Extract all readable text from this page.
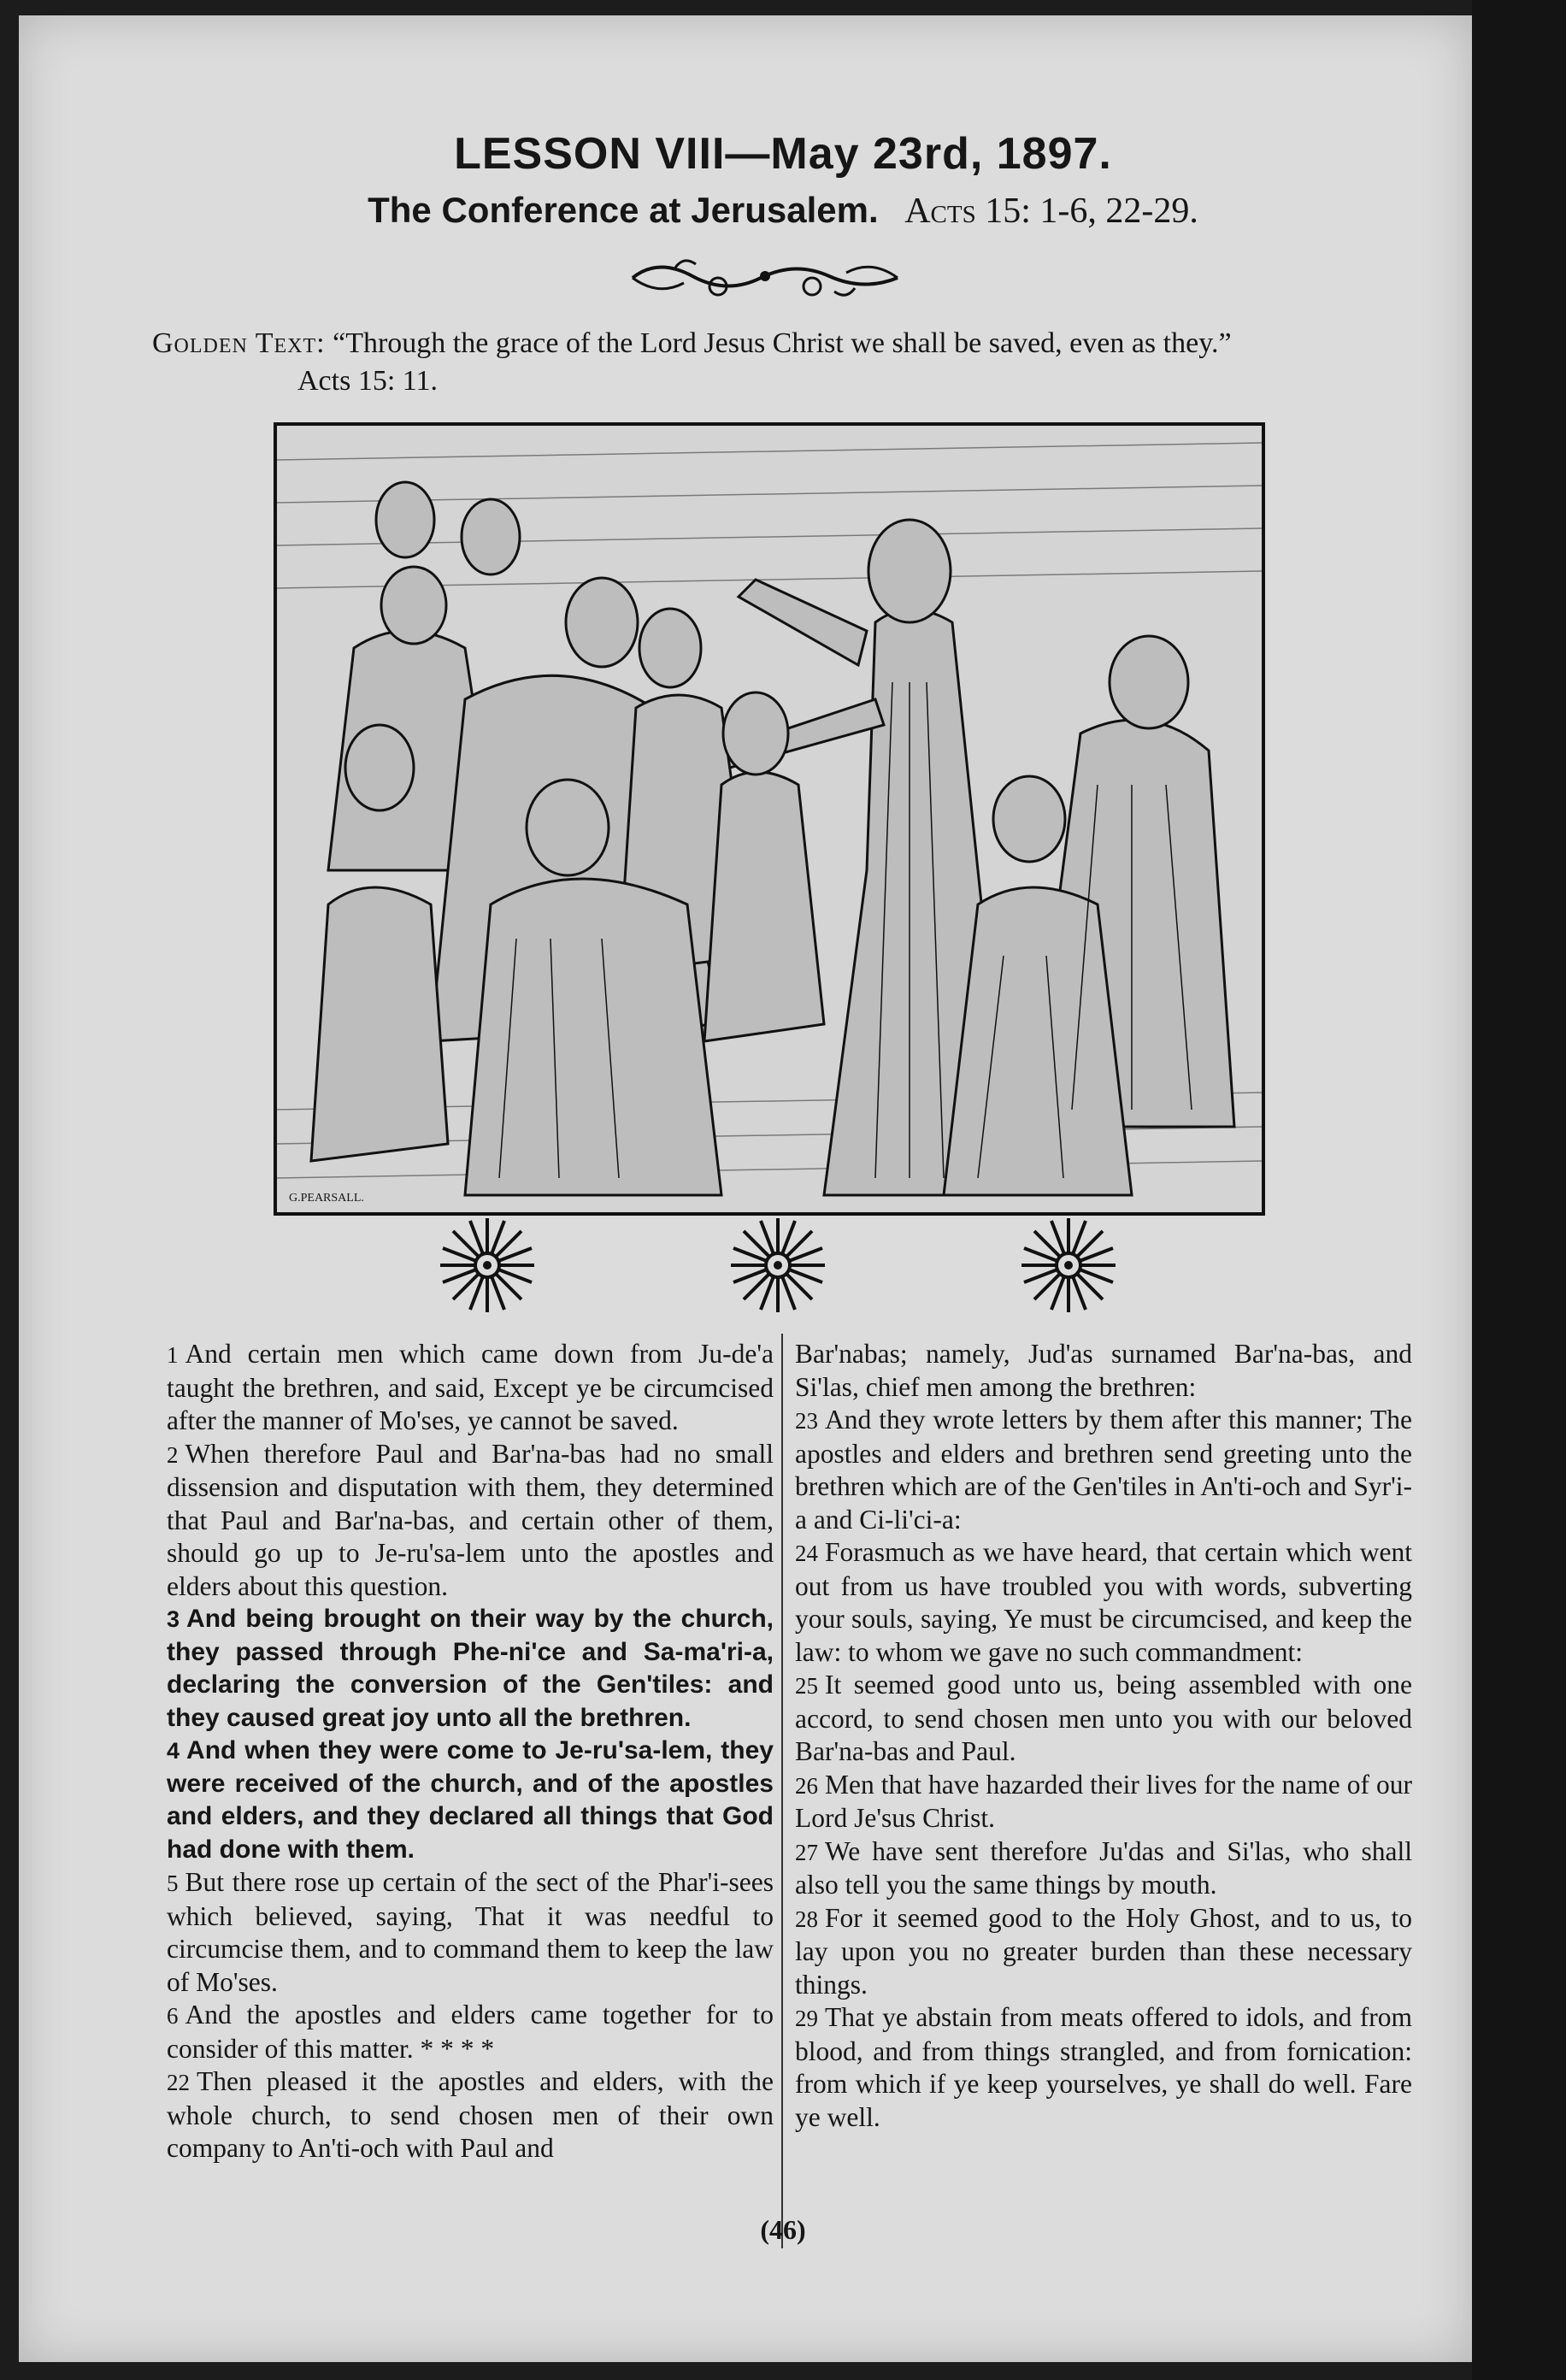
LESSON VIII—May 23rd, 1897.
The Conference at Jerusalem. Acts 15: 1-6, 22-29.
Golden Text: “Through the grace of the Lord Jesus Christ we shall be saved, even as they.”
Acts 15: 11.
G.PEARSALL.

1 And certain men which came down from Ju-de'a taught the brethren, and said, Except ye be circumcised after the manner of Mo'ses, ye cannot be saved.

2 When therefore Paul and Bar'na-bas had no small dissension and disputation with them, they determined that Paul and Bar'na-bas, and certain other of them, should go up to Je-ru'sa-lem unto the apostles and elders about this question.

3 And being brought on their way by the church, they passed through Phe-ni'ce and Sa-ma'ri-a, declaring the conversion of the Gen'tiles: and they caused great joy unto all the brethren.

4 And when they were come to Je-ru'sa-lem, they were received of the church, and of the apostles and elders, and they declared all things that God had done with them.

5 But there rose up certain of the sect of the Phar'i-sees which believed, saying, That it was needful to circumcise them, and to command them to keep the law of Mo'ses.

6 And the apostles and elders came together for to consider of this matter. * * * *

22 Then pleased it the apostles and elders, with the whole church, to send chosen men of their own company to An'ti-och with Paul and

Bar'nabas; namely, Jud'as surnamed Bar'na-bas, and Si'las, chief men among the brethren:

23 And they wrote letters by them after this manner; The apostles and elders and brethren send greeting unto the brethren which are of the Gen'tiles in An'ti-och and Syr'i-a and Ci-li'ci-a:

24 Forasmuch as we have heard, that certain which went out from us have troubled you with words, subverting your souls, saying, Ye must be circumcised, and keep the law: to whom we gave no such commandment:

25 It seemed good unto us, being assembled with one accord, to send chosen men unto you with our beloved Bar'na-bas and Paul.

26 Men that have hazarded their lives for the name of our Lord Je'sus Christ.

27 We have sent therefore Ju'das and Si'las, who shall also tell you the same things by mouth.

28 For it seemed good to the Holy Ghost, and to us, to lay upon you no greater burden than these necessary things.

29 That ye abstain from meats offered to idols, and from blood, and from things strangled, and from fornication: from which if ye keep yourselves, ye shall do well. Fare ye well.

(46)
